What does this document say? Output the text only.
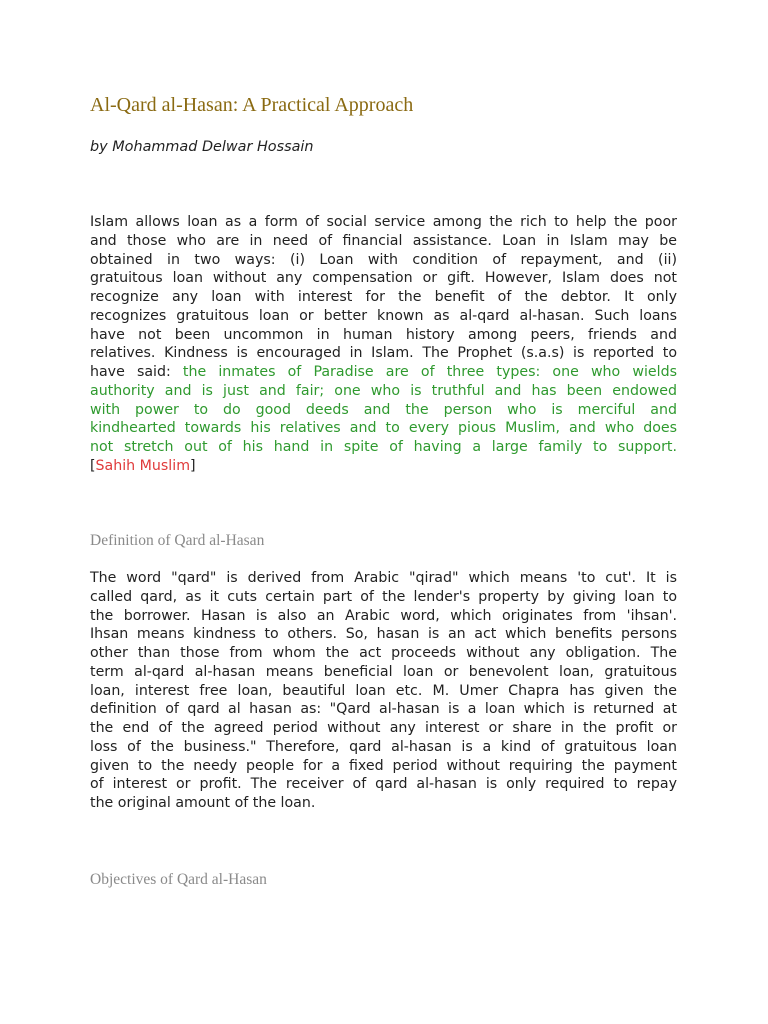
Al-Qard al-Hasan: A Practical Approach

by Mohammad Delwar Hossain

Islam allows loan as a form of social service among the rich to help the poor
and those who are in need of financial assistance. Loan in Islam may be
obtained in two ways: (i) Loan with condition of repayment, and (ii)
gratuitous loan without any compensation or gift. However, Islam does not
recognize any loan with interest for the benefit of the debtor. It only
recognizes gratuitous loan or better known as al-qard al-hasan. Such loans
have not been uncommon in human history among peers, friends and
relatives. Kindness is encouraged in Islam. The Prophet (s.a.s) is reported to
have said: the inmates of Paradise are of three types: one who wields
authority and is just and fair; one who is truthful and has been endowed
with power to do good deeds and the person who is merciful and
kindhearted towards his relatives and to every pious Muslim, and who does
not stretch out of his hand in spite of having a large family to support.
[Sahih Muslim]
Definition of Qard al-Hasan
The word "qard" is derived from Arabic "qirad" which means 'to cut'. It is
called qard, as it cuts certain part of the lender's property by giving loan to
the borrower. Hasan is also an Arabic word, which originates from 'ihsan'.
Ihsan means kindness to others. So, hasan is an act which benefits persons
other than those from whom the act proceeds without any obligation. The
term al-qard al-hasan means beneficial loan or benevolent loan, gratuitous
loan, interest free loan, beautiful loan etc. M. Umer Chapra has given the
definition of qard al hasan as: "Qard al-hasan is a loan which is returned at
the end of the agreed period without any interest or share in the profit or
loss of the business." Therefore, qard al-hasan is a kind of gratuitous loan
given to the needy people for a fixed period without requiring the payment
of interest or profit. The receiver of qard al-hasan is only required to repay
the original amount of the loan.
Objectives of Qard al-Hasan
